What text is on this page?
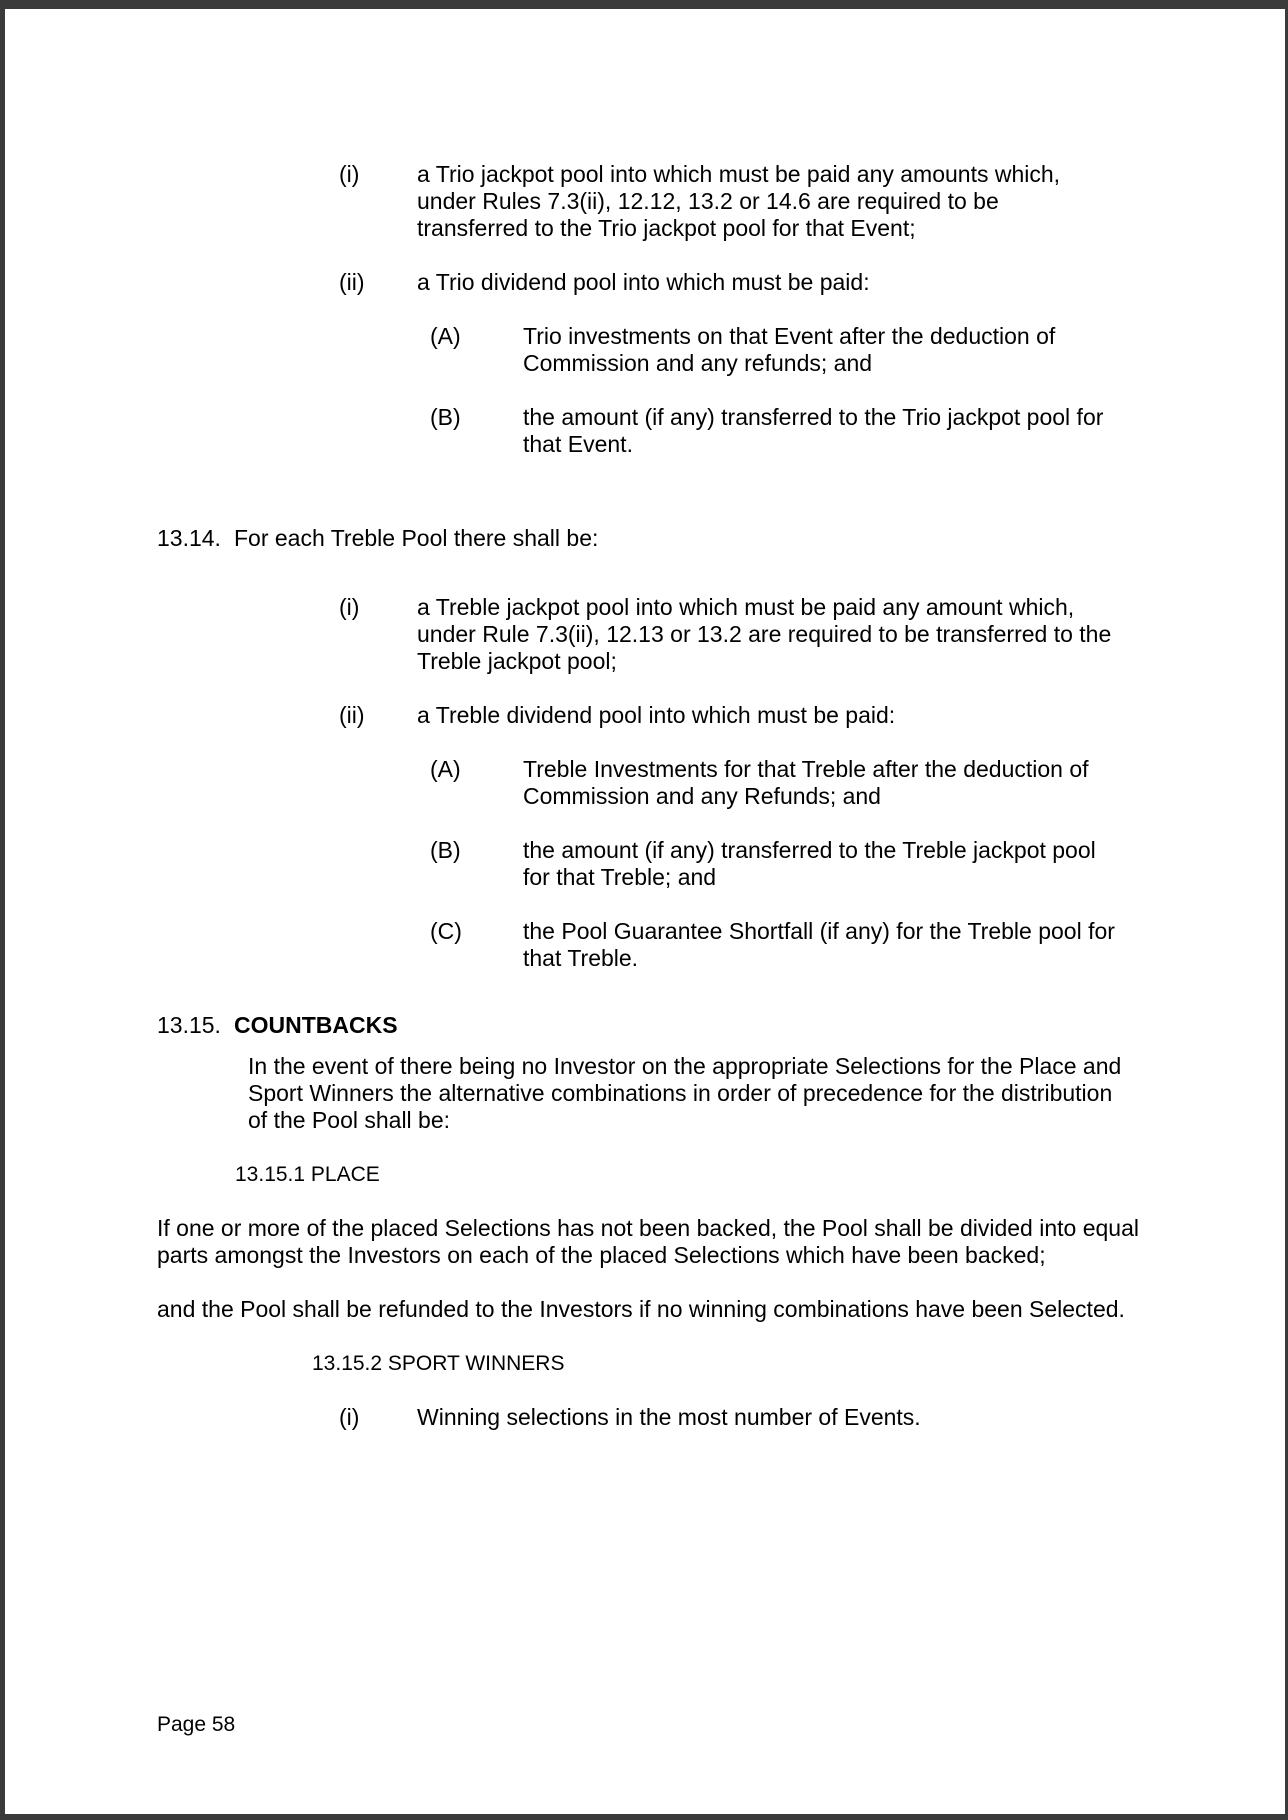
(i)	a Trio jackpot pool into which must be paid any amounts which,
under Rules 7.3(ii), 12.12, 13.2 or 14.6 are required to be
transferred to the Trio jackpot pool for that Event;
(ii) a Trio dividend pool into which must be paid:
(A)	Trio investments on that Event after the deduction of
Commission and any refunds; and
(B)	the amount (if any) transferred to the Trio jackpot pool for
that Event.
13.14. For each Treble Pool there shall be:
(i)	a Treble jackpot pool into which must be paid any amount which,
under Rule 7.3(ii), 12.13 or 13.2 are required to be transferred to the
Treble jackpot pool;
(ii) a Treble dividend pool into which must be paid:
(A)	Treble Investments for that Treble after the deduction of
Commission and any Refunds; and
(B)	the amount (if any) transferred to the Treble jackpot pool
for that Treble; and
(C)	the Pool Guarantee Shortfall (if any) for the Treble pool for
that Treble.
13.15. COUNTBACKS
In the event of there being no Investor on the appropriate Selections for the Place and
Sport Winners the alternative combinations in order of precedence for the distribution
of the Pool shall be:
13.15.1 PLACE
If one or more of the placed Selections has not been backed, the Pool shall be divided into equal
parts amongst the Investors on each of the placed Selections which have been backed;
and the Pool shall be refunded to the Investors if no winning combinations have been Selected.
13.15.2 SPORT WINNERS
(i)	Winning selections in the most number of Events.
Page 58
